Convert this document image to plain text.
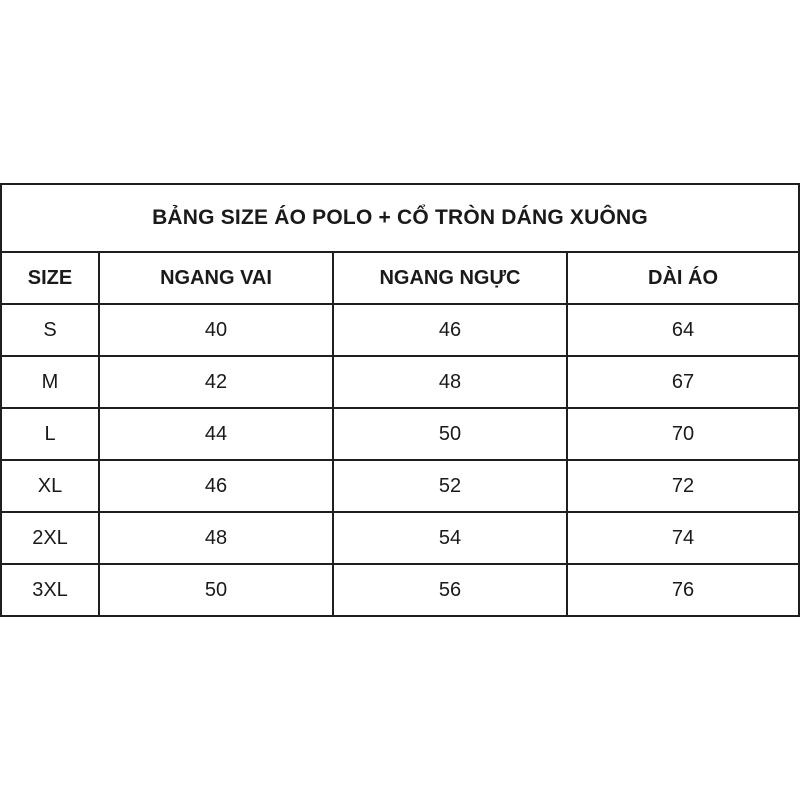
BẢNG SIZE ÁO POLO + CỔ TRÒN DÁNG XUÔNG			
SIZE	NGANG VAI	NGANG NGỰC	DÀI ÁO
S	40	46	64
M	42	48	67
L	44	50	70
XL	46	52	72
2XL	48	54	74
3XL	50	56	76
